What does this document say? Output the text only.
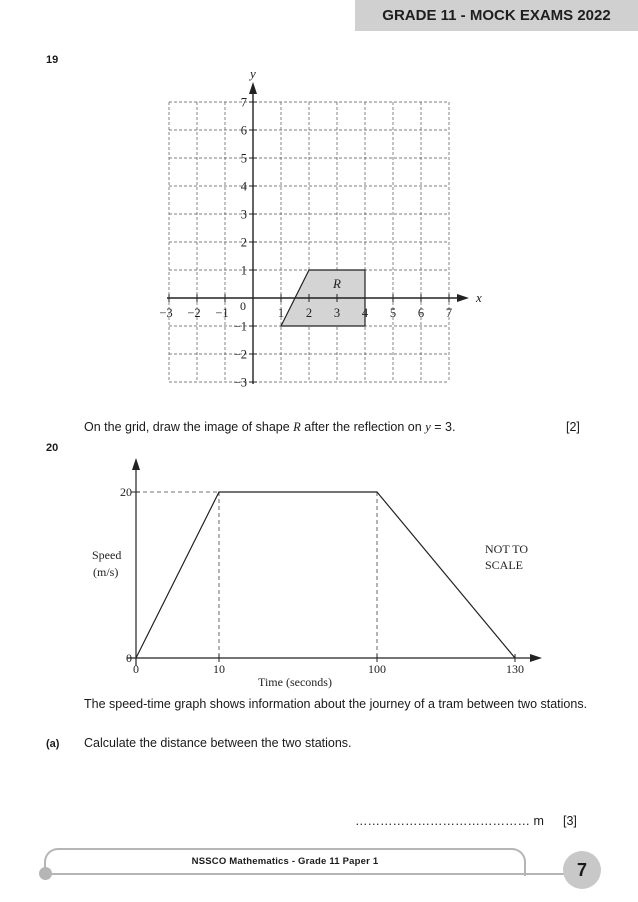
GRADE 11 - MOCK EXAMS 2022
19
R
x
y
0
−3 −2 −1	1 2 3 4 5 6 7
7
6
5
4
3
2
1
−1
−2
−3
On the grid, draw the image of shape R after the reflection on y = 3.	[2]
20
0	10	100	130
0
20
Time (seconds)
Speed
(m/s)
NOT TO
SCALE
The speed-time graph shows information about the journey of a tram between two stations.
(a) Calculate the distance between the two stations.
…………………………………… m [3]
NSSCO Mathematics - Grade 11 Paper 1	7
